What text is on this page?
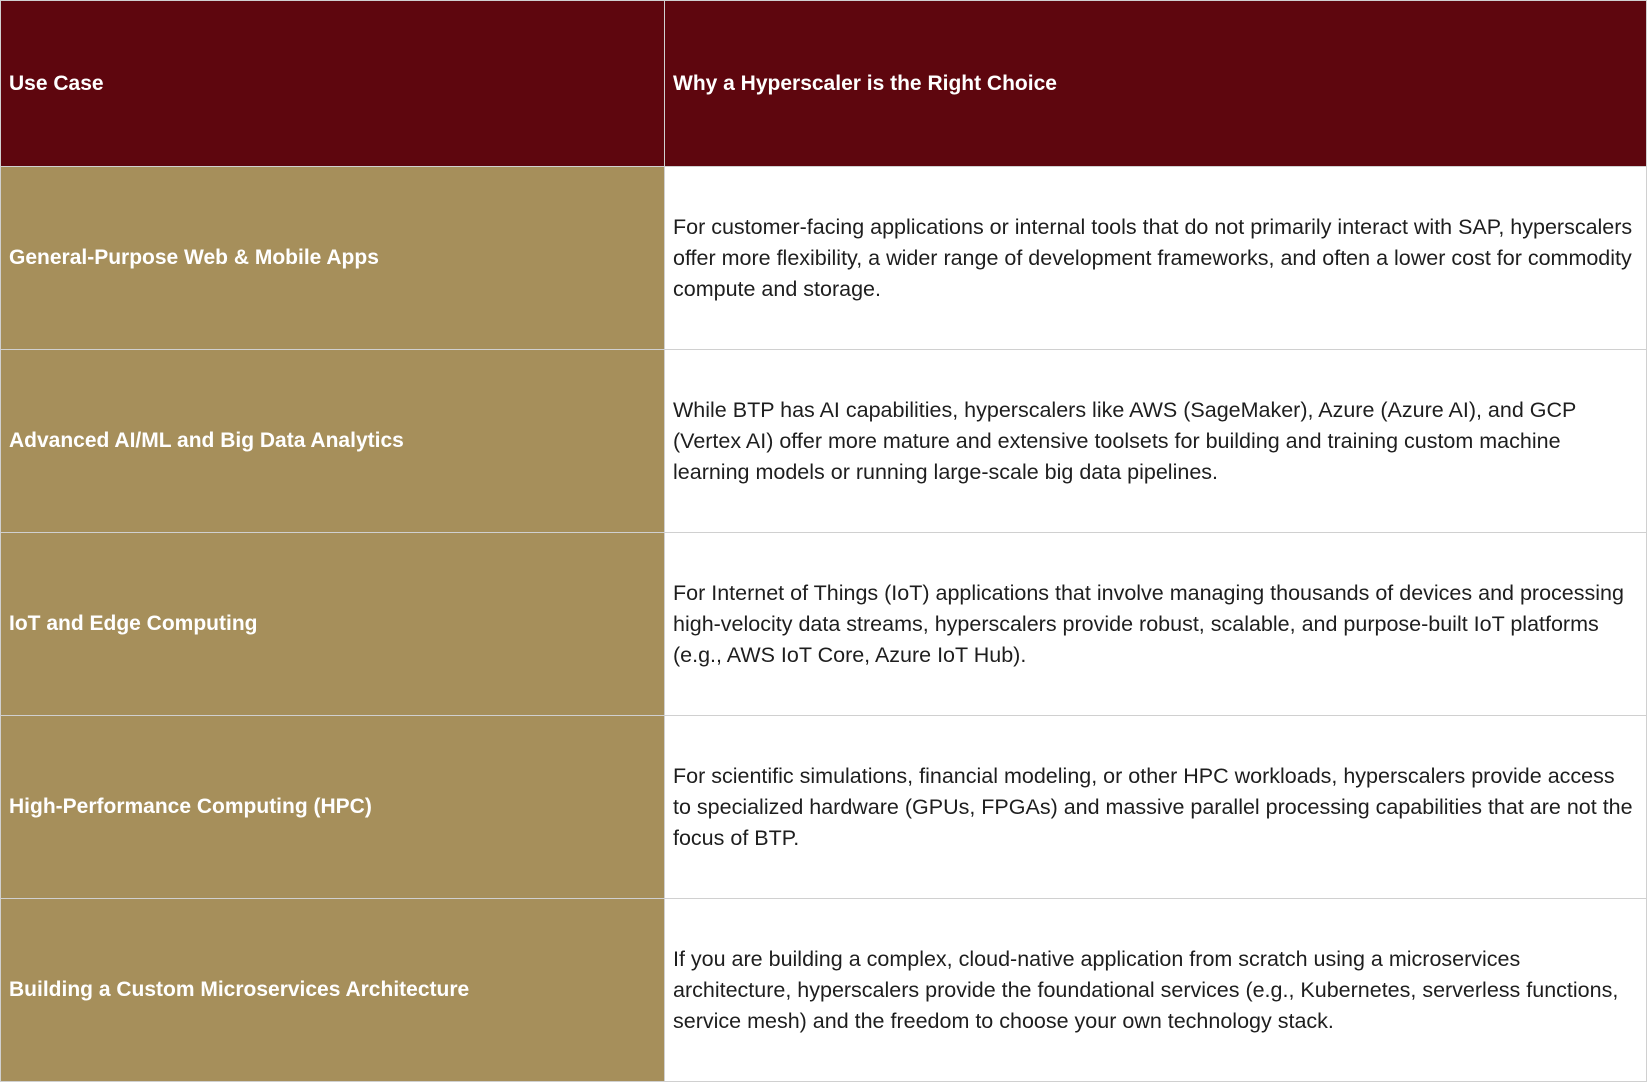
Use Case	Why a Hyperscaler is the Right Choice
General-Purpose Web & Mobile Apps	For customer-facing applications or internal tools that do not primarily interact with SAP, hyperscalers offer more flexibility, a wider range of development frameworks, and often a lower cost for commodity compute and storage.
Advanced AI/ML and Big Data Analytics	While BTP has AI capabilities, hyperscalers like AWS (SageMaker), Azure (Azure AI), and GCP (Vertex AI) offer more mature and extensive toolsets for building and training custom machine learning models or running large-scale big data pipelines.
IoT and Edge Computing	For Internet of Things (IoT) applications that involve managing thousands of devices and processing high-velocity data streams, hyperscalers provide robust, scalable, and purpose-built IoT platforms (e.g., AWS IoT Core, Azure IoT Hub).
High-Performance Computing (HPC)	For scientific simulations, financial modeling, or other HPC workloads, hyperscalers provide access to specialized hardware (GPUs, FPGAs) and massive parallel processing capabilities that are not the focus of BTP.
Building a Custom Microservices Architecture	If you are building a complex, cloud-native application from scratch using a microservices architecture, hyperscalers provide the foundational services (e.g., Kubernetes, serverless functions, service mesh) and the freedom to choose your own technology stack.
